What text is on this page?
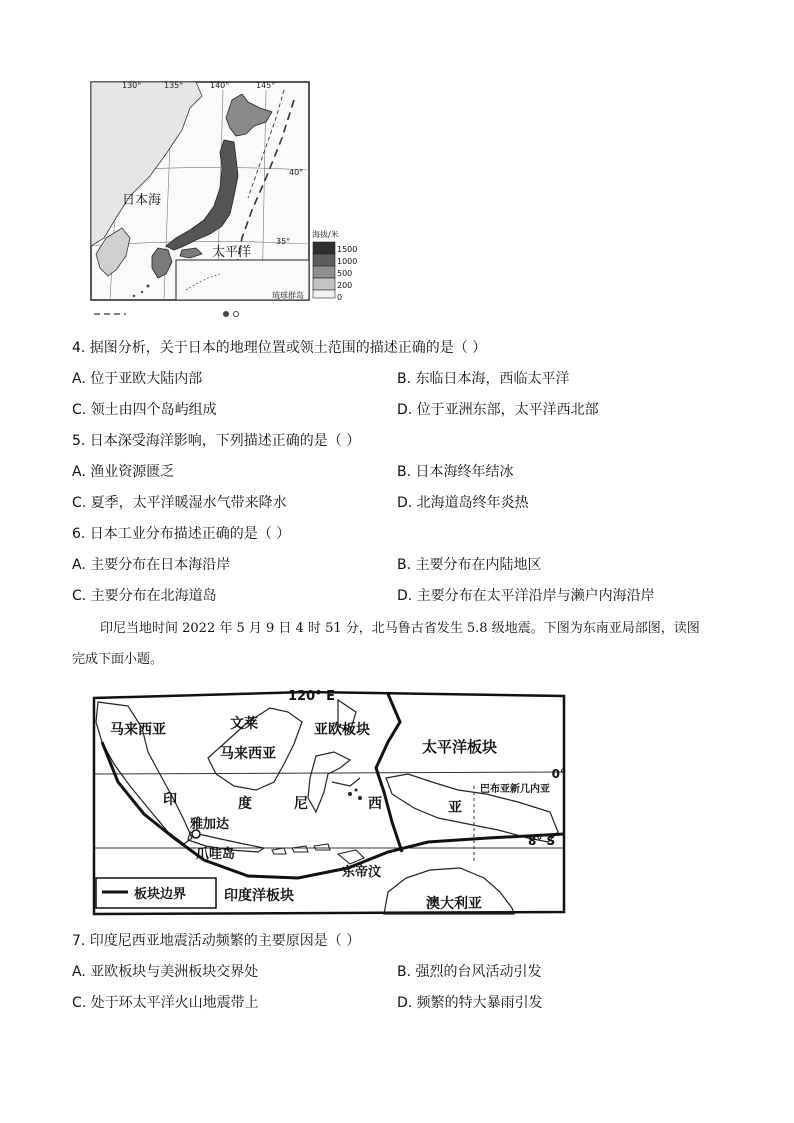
130°	135°	140°	145°
40°
35°
日本海
太平洋
琉球群岛
海拔/米
1500
1000
500
200
0
4. 据图分析，关于日本的地理位置或领土范围的描述正确的是（ ）
A. 位于亚欧大陆内部	B. 东临日本海，西临太平洋
C. 领土由四个岛屿组成	D. 位于亚洲东部，太平洋西北部
5. 日本深受海洋影响，下列描述正确的是（ ）
A. 渔业资源匮乏	B. 日本海终年结冰
C. 夏季，太平洋暖湿水气带来降水	D. 北海道岛终年炎热
6. 日本工业分布描述正确的是（ ）
A. 主要分布在日本海沿岸	B. 主要分布在内陆地区
C. 主要分布在北海道岛	D. 主要分布在太平洋沿岸与濑户内海沿岸
印尼当地时间 2022 年 5 月 9 日 4 时 51 分，北马鲁古省发生 5.8 级地震。下图为东南亚局部图，读图
完成下面小题。
120° E
马来西亚	文莱
马来西亚
亚欧板块
太平洋板块
0°
印	度	尼	西	亚
巴布亚新几内亚
雅加达
爪哇岛
东帝汶
8° S
板块边界	印度洋板块	澳大利亚
7. 印度尼西亚地震活动频繁的主要原因是（ ）
A. 亚欧板块与美洲板块交界处	B. 强烈的台风活动引发
C. 处于环太平洋火山地震带上	D. 频繁的特大暴雨引发
